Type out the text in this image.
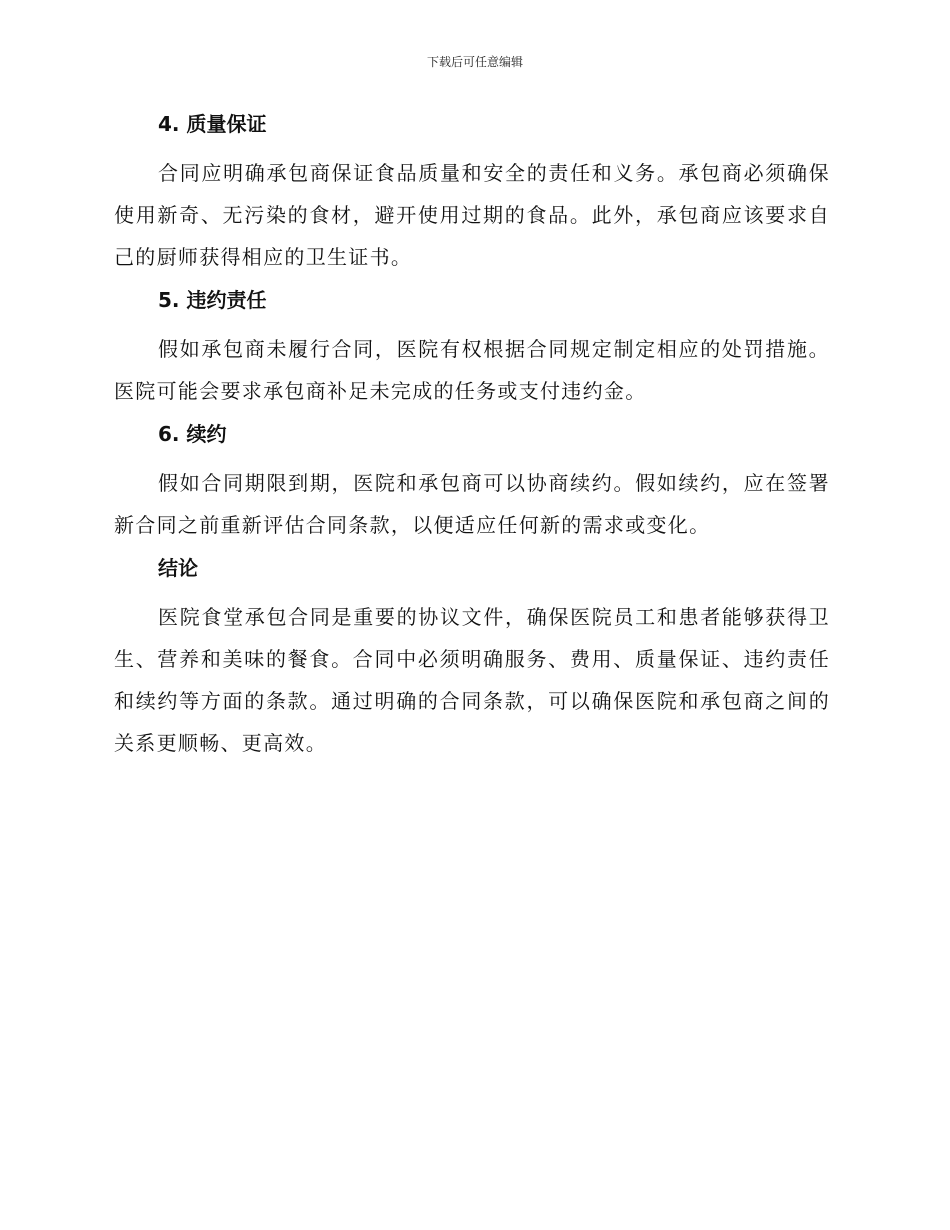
下载后可任意编辑
4. 质量保证

合同应明确承包商保证食品质量和安全的责任和义务。承包商必须确保使用新奇、无污染的食材，避开使用过期的食品。此外，承包商应该要求自己的厨师获得相应的卫生证书。

5. 违约责任

假如承包商未履行合同，医院有权根据合同规定制定相应的处罚措施。医院可能会要求承包商补足未完成的任务或支付违约金。

6. 续约

假如合同期限到期，医院和承包商可以协商续约。假如续约，应在签署新合同之前重新评估合同条款，以便适应任何新的需求或变化。

结论

医院食堂承包合同是重要的协议文件，确保医院员工和患者能够获得卫生、营养和美味的餐食。合同中必须明确服务、费用、质量保证、违约责任和续约等方面的条款。通过明确的合同条款，可以确保医院和承包商之间的关系更顺畅、更高效。
